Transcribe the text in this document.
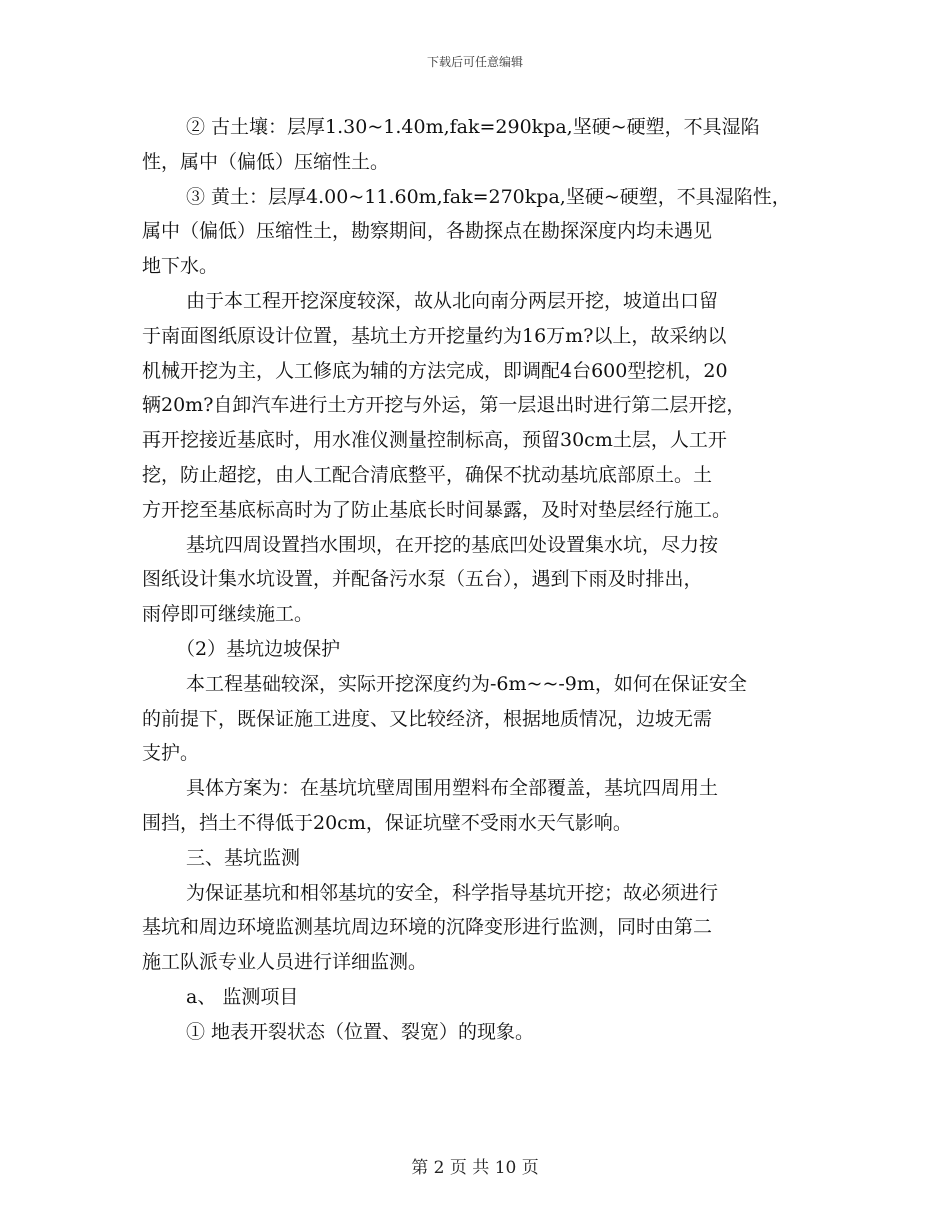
下载后可任意编辑
② 古土壤：层厚1.30~1.40m,fak=290kpa,坚硬~硬塑，不具湿陷
性，属中（偏低）压缩性土。
③ 黄土：层厚4.00~11.60m,fak=270kpa,坚硬~硬塑，不具湿陷性，
属中（偏低）压缩性土，勘察期间，各勘探点在勘探深度内均未遇见
地下水。
由于本工程开挖深度较深，故从北向南分两层开挖，坡道出口留
于南面图纸原设计位置，基坑土方开挖量约为16万m?以上，故采纳以
机械开挖为主，人工修底为辅的方法完成，即调配4台600型挖机，20
辆20m?自卸汽车进行土方开挖与外运，第一层退出时进行第二层开挖，
再开挖接近基底时，用水准仪测量控制标高，预留30cm土层，人工开
挖，防止超挖，由人工配合清底整平，确保不扰动基坑底部原土。土
方开挖至基底标高时为了防止基底长时间暴露，及时对垫层经行施工。
基坑四周设置挡水围坝，在开挖的基底凹处设置集水坑，尽力按
图纸设计集水坑设置，并配备污水泵（五台），遇到下雨及时排出，
雨停即可继续施工。
（2）基坑边坡保护
本工程基础较深，实际开挖深度约为-6m~~-9m，如何在保证安全
的前提下，既保证施工进度、又比较经济，根据地质情况，边坡无需
支护。
具体方案为：在基坑坑壁周围用塑料布全部覆盖，基坑四周用土
围挡，挡土不得低于20cm，保证坑壁不受雨水天气影响。
三、基坑监测
为保证基坑和相邻基坑的安全，科学指导基坑开挖；故必须进行
基坑和周边环境监测基坑周边环境的沉降变形进行监测，同时由第二
施工队派专业人员进行详细监测。
a、 监测项目
① 地表开裂状态（位置、裂宽）的现象。
第 2 页 共 10 页
